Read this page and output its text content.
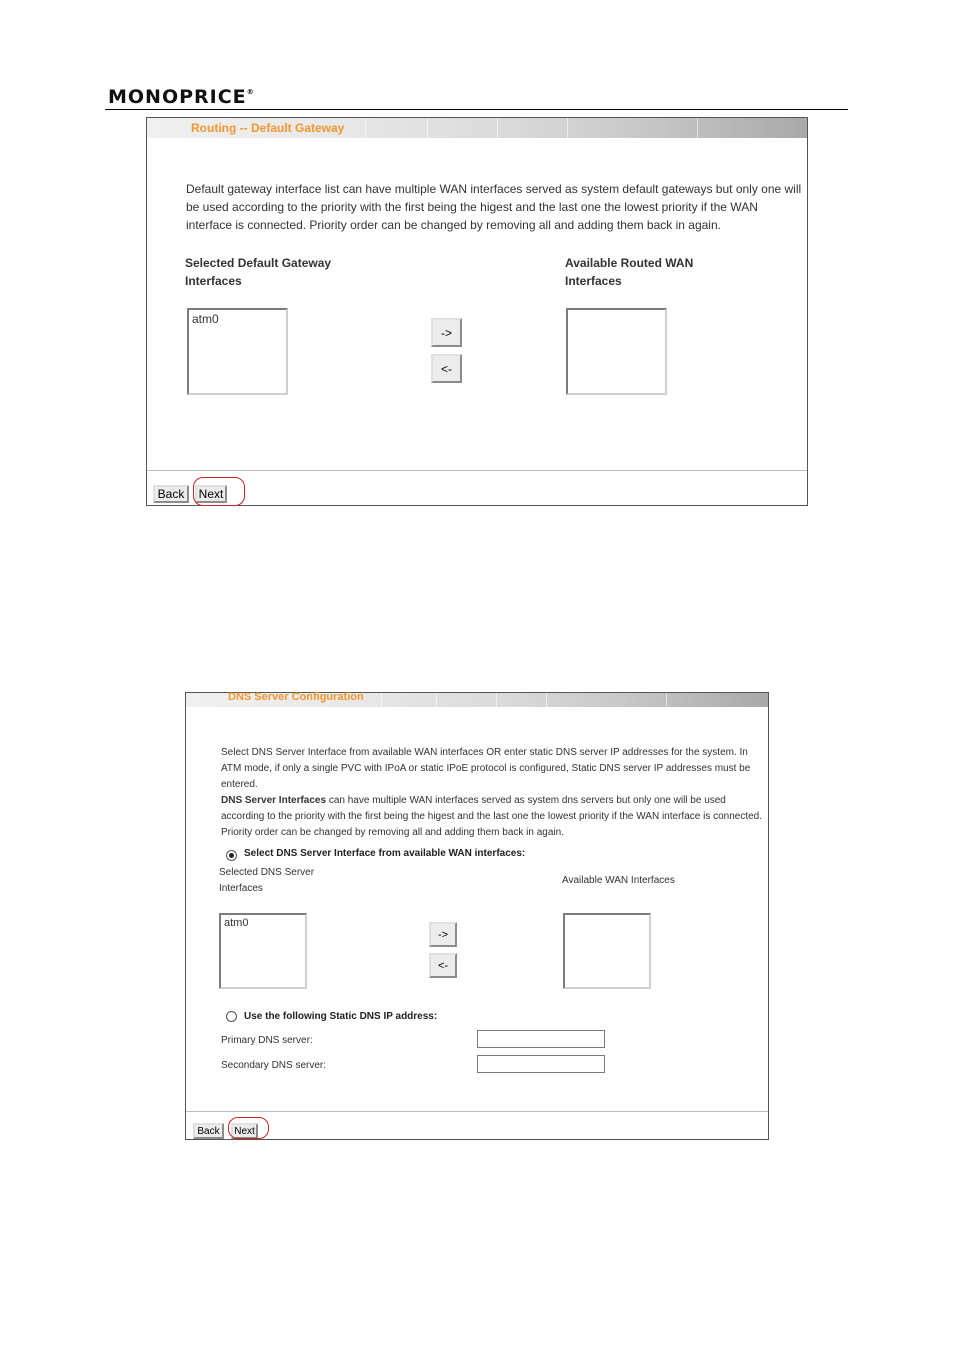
MONOPRICE®
Routing -- Default Gateway
Default gateway interface list can have multiple WAN interfaces served as system default gateways but only one will be used according to the priority with the first being the higest and the last one the lowest priority if the WAN interface is connected. Priority order can be changed by removing all and adding them back in again.
Selected Default Gateway
Interfaces
Available Routed WAN
Interfaces
atm0
->
<-
Back	Next
DNS Server Configuration
Select DNS Server Interface from available WAN interfaces OR enter static DNS server IP addresses for the system. In ATM mode, if only a single PVC with IPoA or static IPoE protocol is configured, Static DNS server IP addresses must be entered.
DNS Server Interfaces can have multiple WAN interfaces served as system dns servers but only one will be used according to the priority with the first being the higest and the last one the lowest priority if the WAN interface is connected. Priority order can be changed by removing all and adding them back in again.
Select DNS Server Interface from available WAN interfaces:
Selected DNS Server
Interfaces
Available WAN Interfaces
atm0
->
<-
Use the following Static DNS IP address:
Primary DNS server:
Secondary DNS server:
Back	Next
